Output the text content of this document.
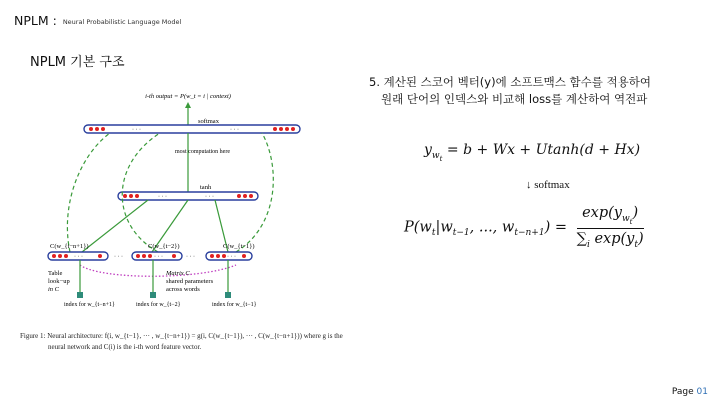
NPLM : Neural Probabilistic Language Model
NPLM 기본 구조
5. 계산된 스코어 벡터(y)에 소프트맥스 함수를 적용하여
원래 단어의 인덱스와 비교해 loss를 계산하여 역전파
$y_{w_t} = b + Wx + Utanh(d + Hx)$
↓ softmax
$P(w_t|w_{t-1}$, ..., $w_{t-n+1}) = \frac{\exp(y_{w_t})}{\sum_i \exp(y_t)}$
i-th output = P(w_t = i | context)
softmax
· · ·	· · ·
most computation here
tanh
· · ·	· · ·
C(w_{t−n+1})	C(w_{t−2})	C(w_{t−1})
· · ·	· · ·	· · ·
· · ·	· · ·
Table
look−up
in C
Matrix C
shared parameters
across words
index for w_{t−n+1}	index for w_{t−2}	index for w_{t−1}
Figure 1: Neural architecture: f(i, w_{t−1}, ··· , w_{t−n+1}) = g(i, C(w_{t−1}), ··· , C(w_{t−n+1})) where g is the
neural network and C(i) is the i-th word feature vector.
Page 01
